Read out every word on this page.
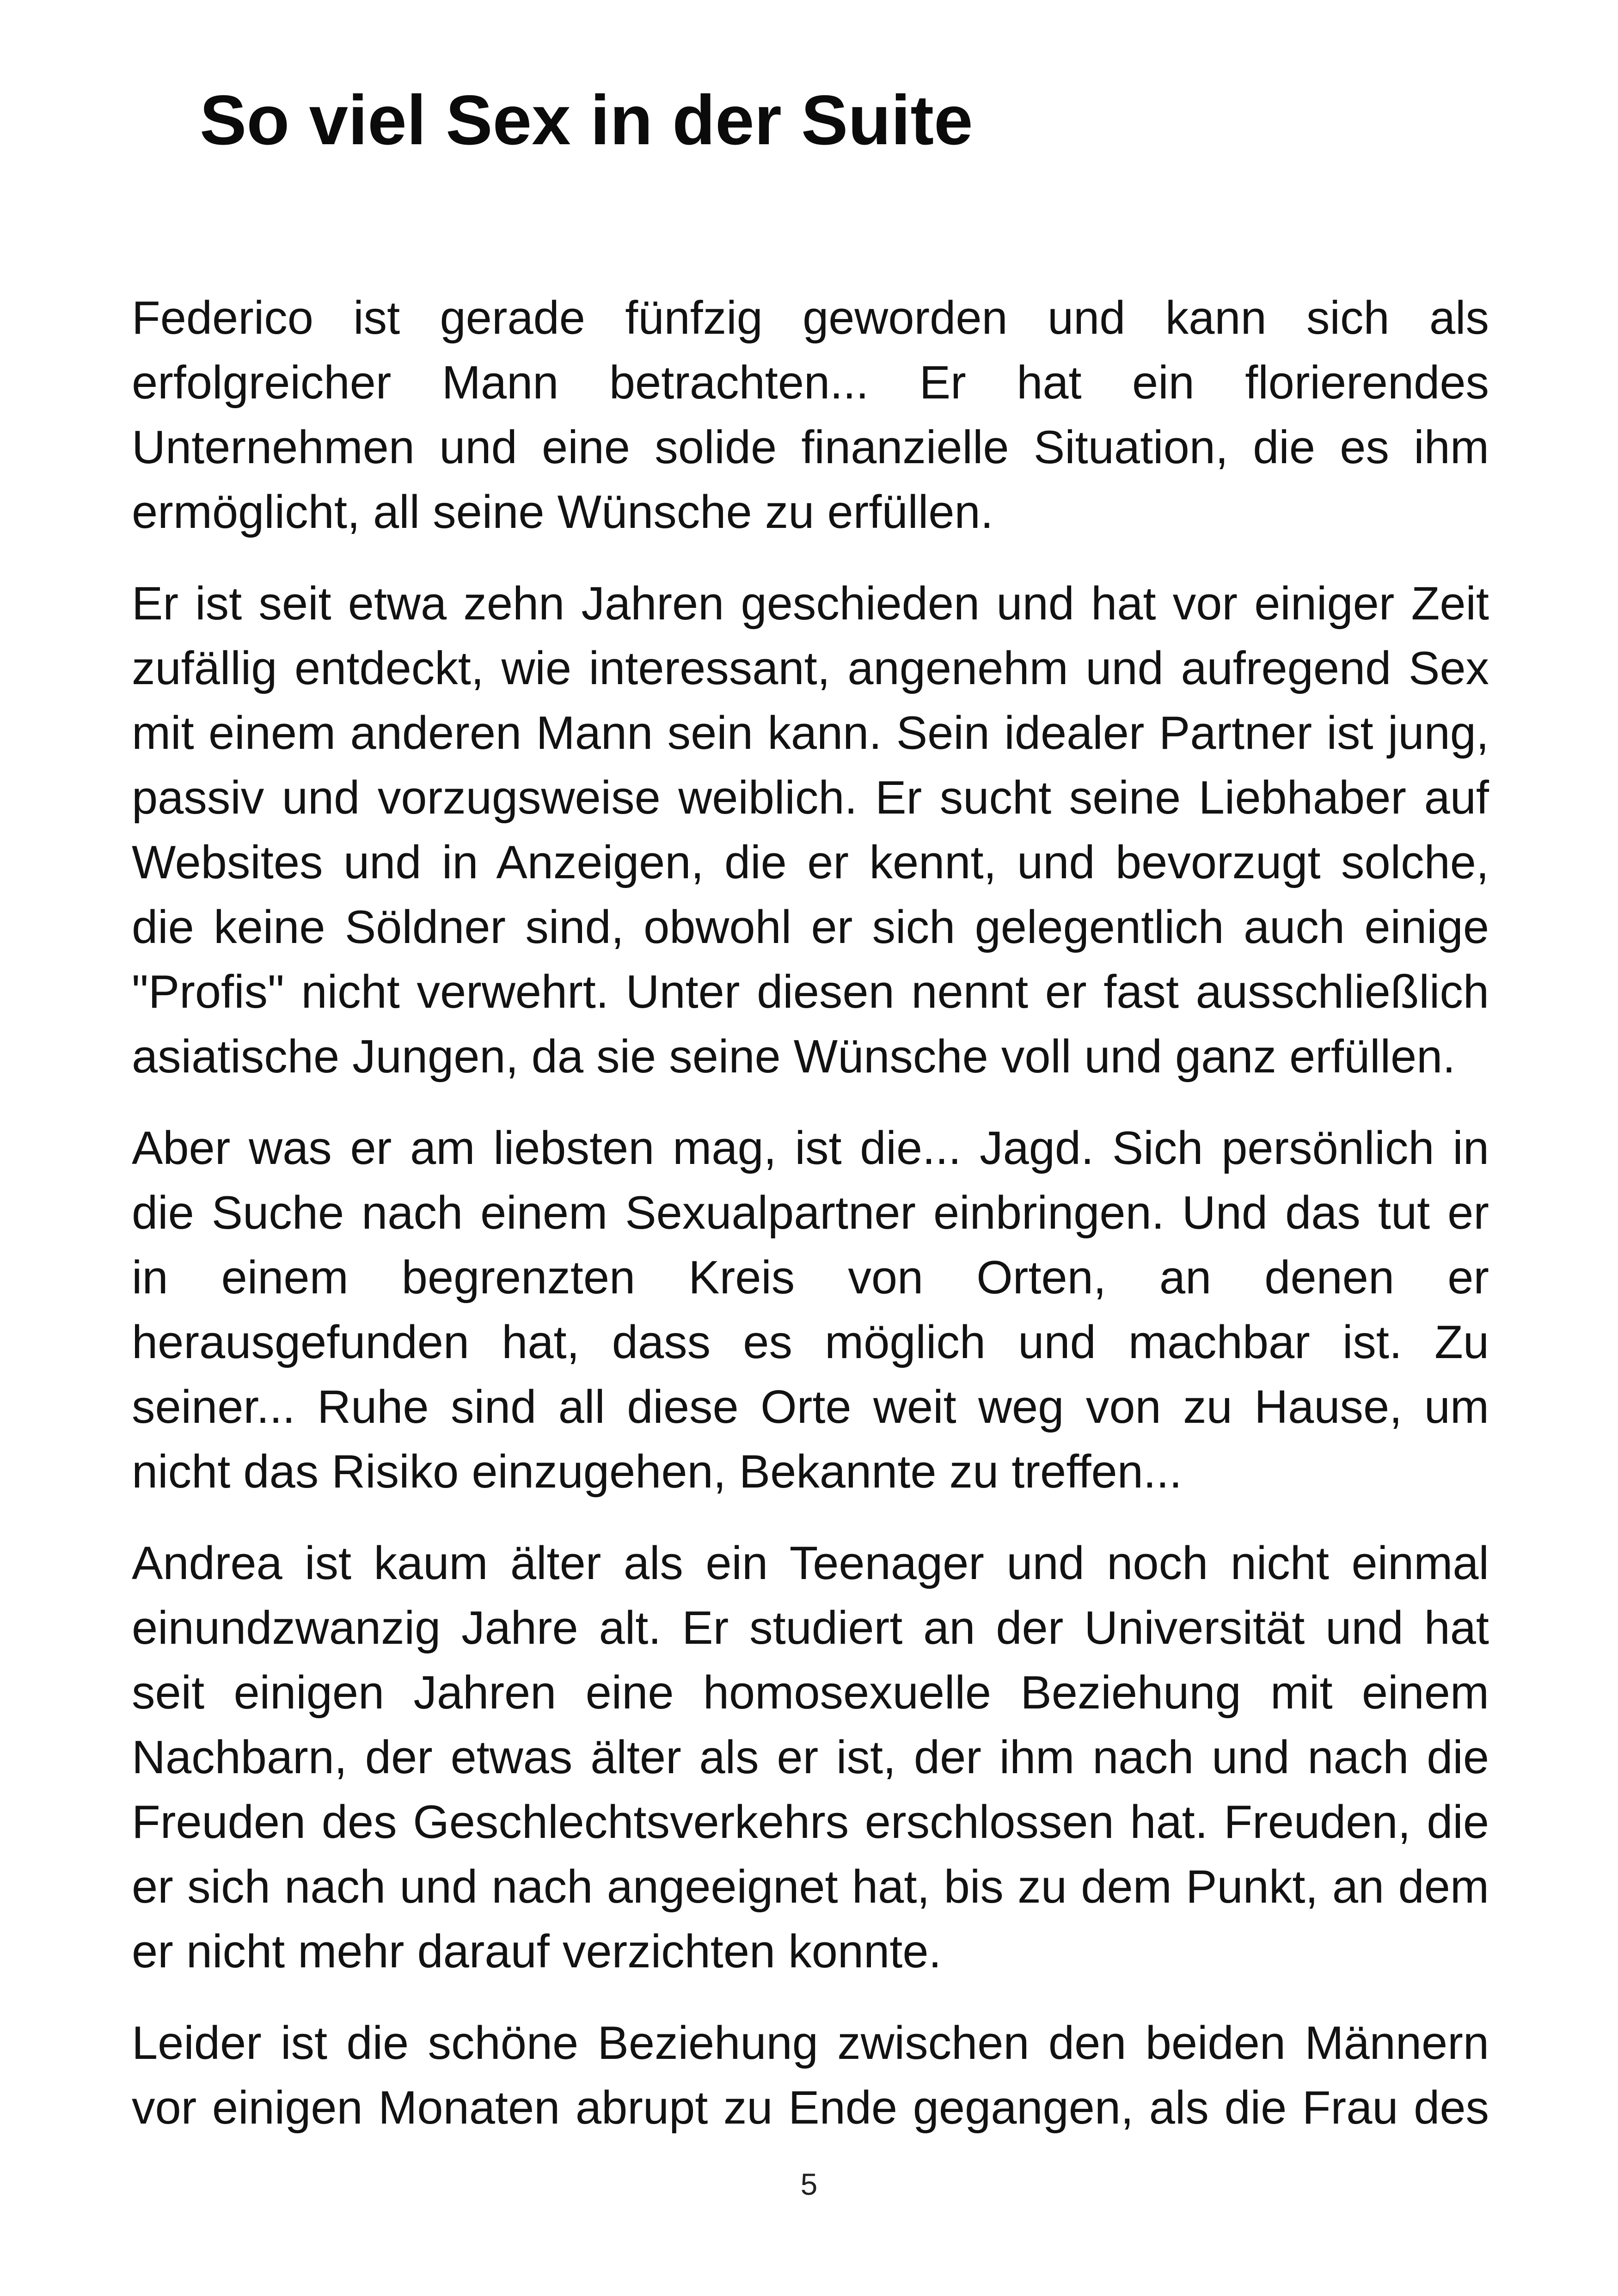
So viel Sex in der Suite

Federico ist gerade fünfzig geworden und kann sich als erfolgreicher Mann betrachten... Er hat ein florierendes Unternehmen und eine solide finanzielle Situation, die es ihm ermöglicht, all seine Wünsche zu erfüllen.

Er ist seit etwa zehn Jahren geschieden und hat vor einiger Zeit zufällig entdeckt, wie interessant, angenehm und aufregend Sex mit einem anderen Mann sein kann. Sein idealer Partner ist jung, passiv und vorzugsweise weiblich. Er sucht seine Liebhaber auf Websites und in Anzeigen, die er kennt, und bevorzugt solche, die keine Söldner sind, obwohl er sich gelegentlich auch einige "Profis" nicht verwehrt. Unter diesen nennt er fast ausschließlich asiatische Jungen, da sie seine Wünsche voll und ganz erfüllen.

Aber was er am liebsten mag, ist die... Jagd. Sich persönlich in die Suche nach einem Sexualpartner einbringen. Und das tut er in einem begrenzten Kreis von Orten, an denen er herausgefunden hat, dass es möglich und machbar ist. Zu seiner... Ruhe sind all diese Orte weit weg von zu Hause, um nicht das Risiko einzugehen, Bekannte zu treffen...

Andrea ist kaum älter als ein Teenager und noch nicht einmal einundzwanzig Jahre alt. Er studiert an der Universität und hat seit einigen Jahren eine homosexuelle Beziehung mit einem Nachbarn, der etwas älter als er ist, der ihm nach und nach die Freuden des Geschlechtsverkehrs erschlossen hat. Freuden, die er sich nach und nach angeeignet hat, bis zu dem Punkt, an dem er nicht mehr darauf verzichten konnte.

Leider ist die schöne Beziehung zwischen den beiden Männern vor einigen Monaten abrupt zu Ende gegangen, als die Frau des

5
